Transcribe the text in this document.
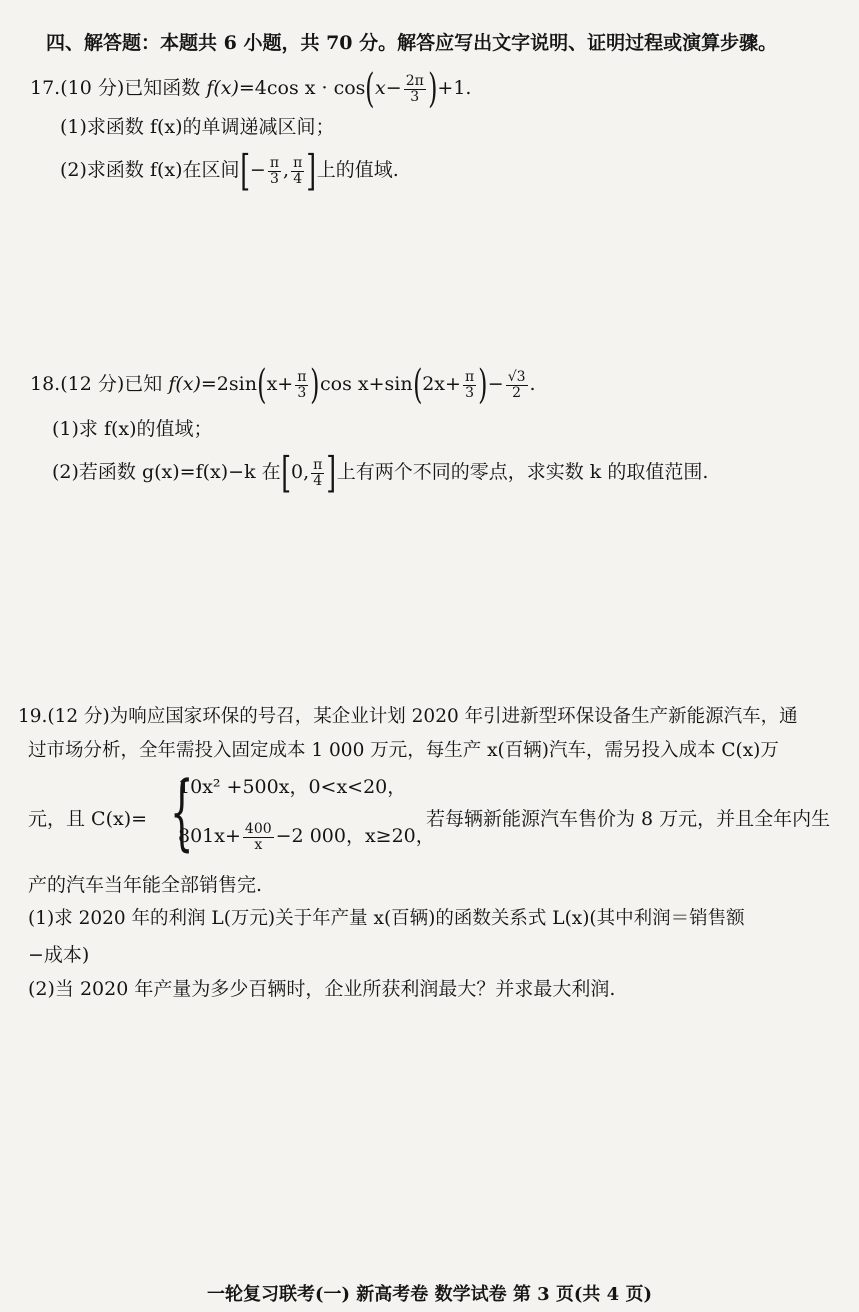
四、解答题：本题共 6 小题，共 70 分。解答应写出文字说明、证明过程或演算步骤。
17.(10 分)已知函数 f(x)=4cos $x \cdot \cos(x- \frac{2\pi}{3} )+1$.
(1)求函数 f(x)的单调递减区间；
(2)求函数 f(x)在区间[− $\frac{\pi}{3}$ , $\frac{\pi}{4}$ ]上的值域.
18.(12 分)已知 $f(x)=2\sin(x+ \frac{\pi}{3} )\cos$ $x+\sin(2x+ \frac{\pi}{3}$ )− $\frac{√3}{2}$ .
(1)求 f(x)的值域；
(2)若函数 g(x)=f(x)−k 在[0, $\frac{\pi}{4}$ ]上有两个不同的零点，求实数 k 的取值范围.
19.(12 分)为响应国家环保的号召，某企业计划 2020 年引进新型环保设备生产新能源汽车，通
过市场分析，全年需投入固定成本 1 000 万元，每生产 x(百辆)汽车，需另投入成本 C(x)万
元，且 C(x)= {
10x² +500x，0<x<20，
$801x+ \frac{400}{x} -2$ 000，x≥20，
若每辆新能源汽车售价为 8 万元，并且全年内生
产的汽车当年能全部销售完.
(1)求 2020 年的利润 L(万元)关于年产量 x(百辆)的函数关系式 L(x)(其中利润＝销售额
−成本)
(2)当 2020 年产量为多少百辆时，企业所获利润最大？并求最大利润.
一轮复习联考(一) 新高考卷 数学试卷 第 3 页(共 4 页)
